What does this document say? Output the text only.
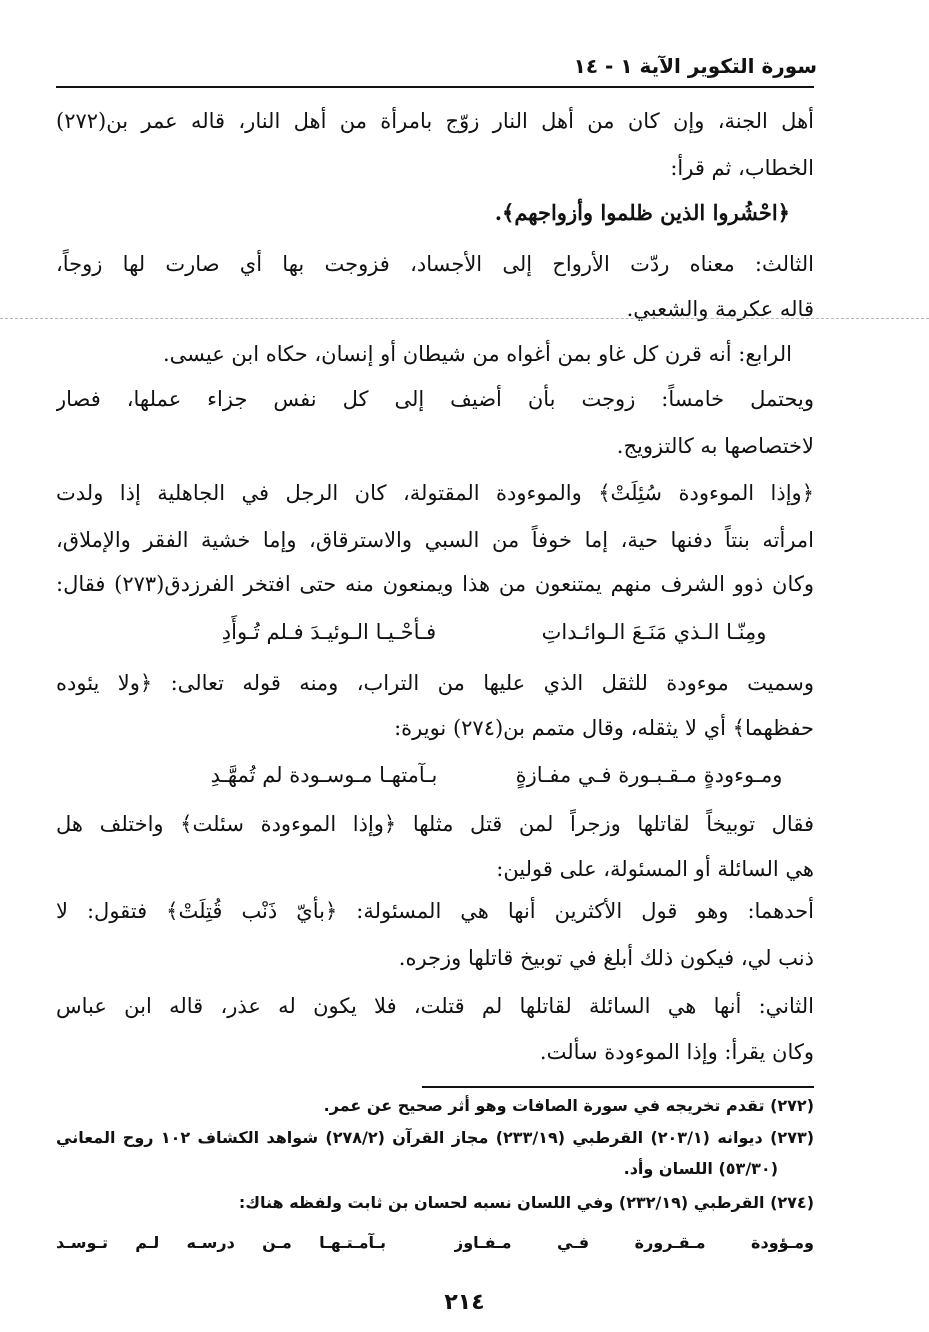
سورة التكوير الآية ١ - ١٤
أهل الجنة، وإن كان من أهل النار زوّج بامرأة من أهل النار، قاله عمر بن(٢٧٢)
الخطاب، ثم قرأ:
﴿احْشُروا الذين ظلموا وأزواجهم﴾.
الثالث: معناه ردّت الأرواح إلى الأجساد، فزوجت بها أي صارت لها زوجاً،
قاله عكرمة والشعبي.
الرابع: أنه قرن كل غاو بمن أغواه من شيطان أو إنسان، حكاه ابن عيسى.
ويحتمل خامساً: زوجت بأن أضيف إلى كل نفس جزاء عملها، فصار
لاختصاصها به كالتزويج.
﴿وإذا الموءودة سُئِلَتْ﴾ والموءودة المقتولة، كان الرجل في الجاهلية إذا ولدت
امرأته بنتاً دفنها حية، إما خوفاً من السبي والاسترقاق، وإما خشية الفقر والإملاق،
وكان ذوو الشرف منهم يمتنعون من هذا ويمنعون منه حتى افتخر الفرزدق(٢٧٣) فقال:
ومِنّـا الـذي مَنَـعَ الـوائـداتِ
فـأحْـيـا الـوئيـدَ فـلم تُـوأَدِ
وسميت موءودة للثقل الذي عليها من التراب، ومنه قوله تعالى: ﴿ولا يئوده
حفظهما﴾ أي لا يثقله، وقال متمم بن(٢٧٤) نويرة:
ومـوءودةٍ مـقـبـورة فـي مفـازةٍ
بـآمتهـا مـوسـودة لم تُمهَّـدِ
فقال توبيخاً لقاتلها وزجراً لمن قتل مثلها ﴿وإذا الموءودة سئلت﴾ واختلف هل
هي السائلة أو المسئولة، على قولين:
أحدهما: وهو قول الأكثرين أنها هي المسئولة: ﴿بأيّ ذَنْب قُتِلَتْ﴾ فتقول: لا
ذنب لي، فيكون ذلك أبلغ في توبيخ قاتلها وزجره.
الثاني: أنها هي السائلة لقاتلها لم قتلت، فلا يكون له عذر، قاله ابن عباس
وكان يقرأ: وإذا الموءودة سألت.
(٢٧٢) تقدم تخريجه في سورة الصافات وهو أثر صحيح عن عمر.
(٢٧٣) ديوانه (٢٠٣/١) القرطبي (٢٣٣/١٩) مجاز القرآن (٢٧٨/٢) شواهد الكشاف ١٠٢ روح المعاني
(٥٣/٣٠) اللسان وأد.
(٢٧٤) القرطبي (٢٣٢/١٩) وفي اللسان نسبه لحسان بن ثابت ولفظه هناك:
ومـؤودة مـقـرورة فـي مـفـاوز
بـآمـتـهـا مـن درسـه لـم تـوسـد
٢١٤
